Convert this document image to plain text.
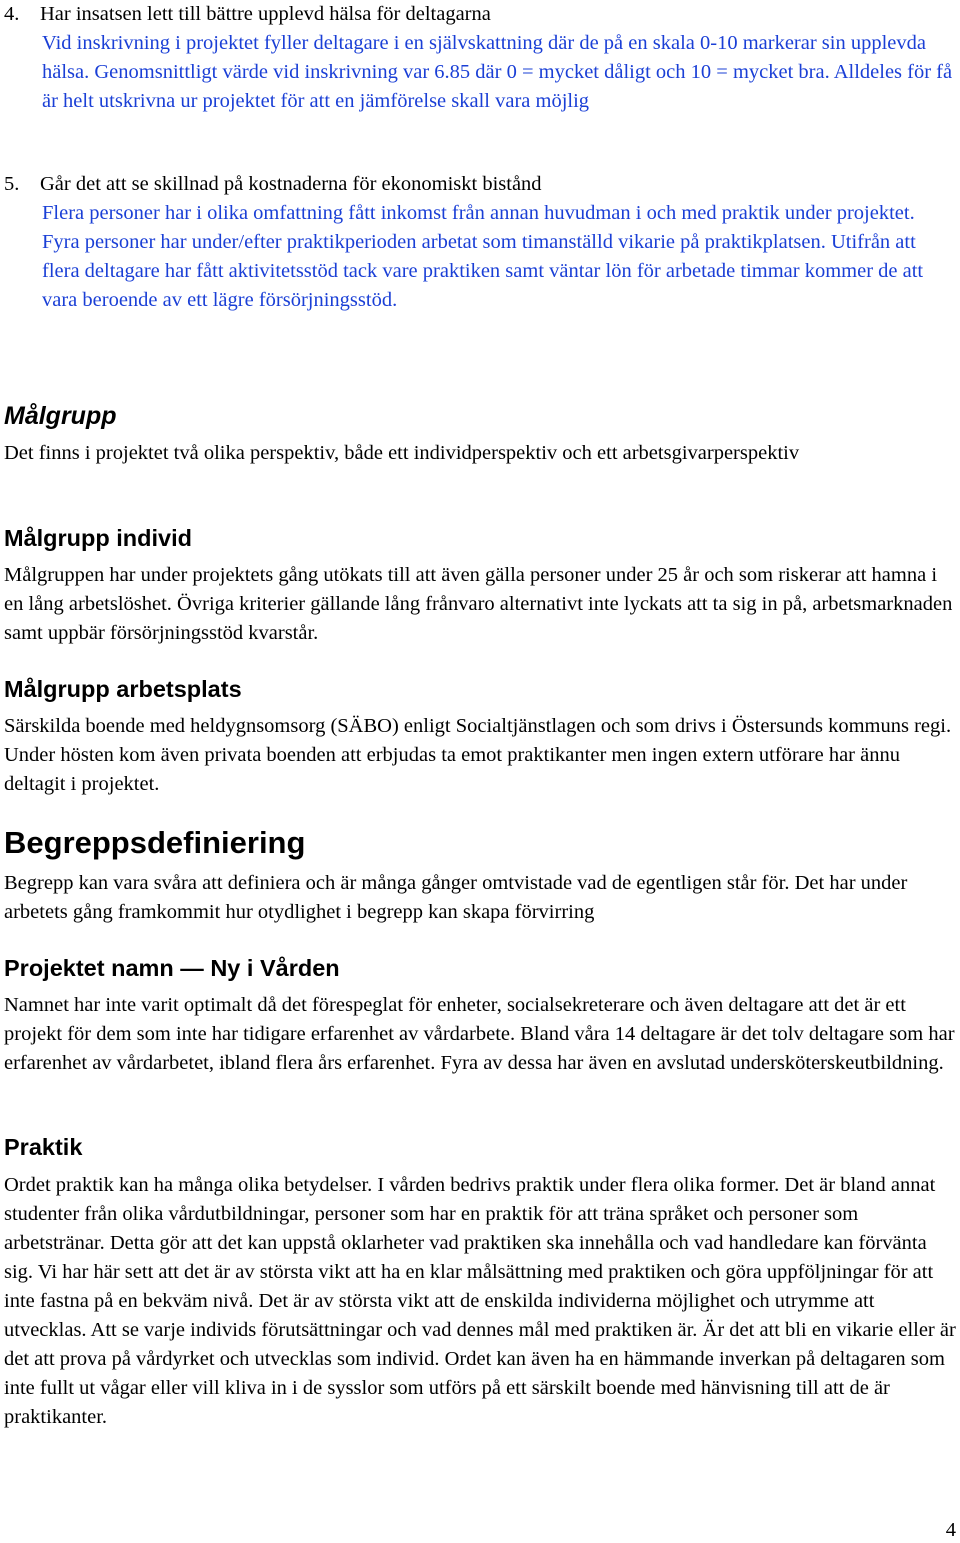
4. Har insatsen lett till bättre upplevd hälsa för deltagarna

Vid inskrivning i projektet fyller deltagare i en självskattning där de på en skala 0-10 markerar sin upplevda hälsa. Genomsnittligt värde vid inskrivning var 6.85 där 0 = mycket dåligt och 10 = mycket bra. Alldeles för få är helt utskrivna ur projektet för att en jämförelse skall vara möjlig

5. Går det att se skillnad på kostnaderna för ekonomiskt bistånd

Flera personer har i olika omfattning fått inkomst från annan huvudman i och med praktik under projektet. Fyra personer har under/efter praktikperioden arbetat som timanställd vikarie på praktikplatsen. Utifrån att flera deltagare har fått aktivitetsstöd tack vare praktiken samt väntar lön för arbetade timmar kommer de att vara beroende av ett lägre försörjningsstöd.

Målgrupp

Det finns i projektet två olika perspektiv, både ett individperspektiv och ett arbetsgivarperspektiv

Målgrupp individ

Målgruppen har under projektets gång utökats till att även gälla personer under 25 år och som riskerar att hamna i en lång arbetslöshet. Övriga kriterier gällande lång frånvaro alternativt inte lyckats att ta sig in på, arbetsmarknaden samt uppbär försörjningsstöd kvarstår.

Målgrupp arbetsplats

Särskilda boende med heldygnsomsorg (SÄBO) enligt Socialtjänstlagen och som drivs i Östersunds kommuns regi. Under hösten kom även privata boenden att erbjudas ta emot praktikanter men ingen extern utförare har ännu deltagit i projektet.

Begreppsdefiniering

Begrepp kan vara svåra att definiera och är många gånger omtvistade vad de egentligen står för. Det har under arbetets gång framkommit hur otydlighet i begrepp kan skapa förvirring

Projektet namn — Ny i Vården

Namnet har inte varit optimalt då det förespeglat för enheter, socialsekreterare och även deltagare att det är ett projekt för dem som inte har tidigare erfarenhet av vårdarbete. Bland våra 14 deltagare är det tolv deltagare som har erfarenhet av vårdarbetet, ibland flera års erfarenhet. Fyra av dessa har även en avslutad undersköterskeutbildning.

Praktik

Ordet praktik kan ha många olika betydelser. I vården bedrivs praktik under flera olika former. Det är bland annat studenter från olika vårdutbildningar, personer som har en praktik för att träna språket och personer som arbetstränar. Detta gör att det kan uppstå oklarheter vad praktiken ska innehålla och vad handledare kan förvänta sig. Vi har här sett att det är av största vikt att ha en klar målsättning med praktiken och göra uppföljningar för att inte fastna på en bekväm nivå. Det är av största vikt att de enskilda individerna möjlighet och utrymme att utvecklas. Att se varje individs förutsättningar och vad dennes mål med praktiken är. Är det att bli en vikarie eller är det att prova på vårdyrket och utvecklas som individ. Ordet kan även ha en hämmande inverkan på deltagaren som inte fullt ut vågar eller vill kliva in i de sysslor som utförs på ett särskilt boende med hänvisning till att de är praktikanter.

4
